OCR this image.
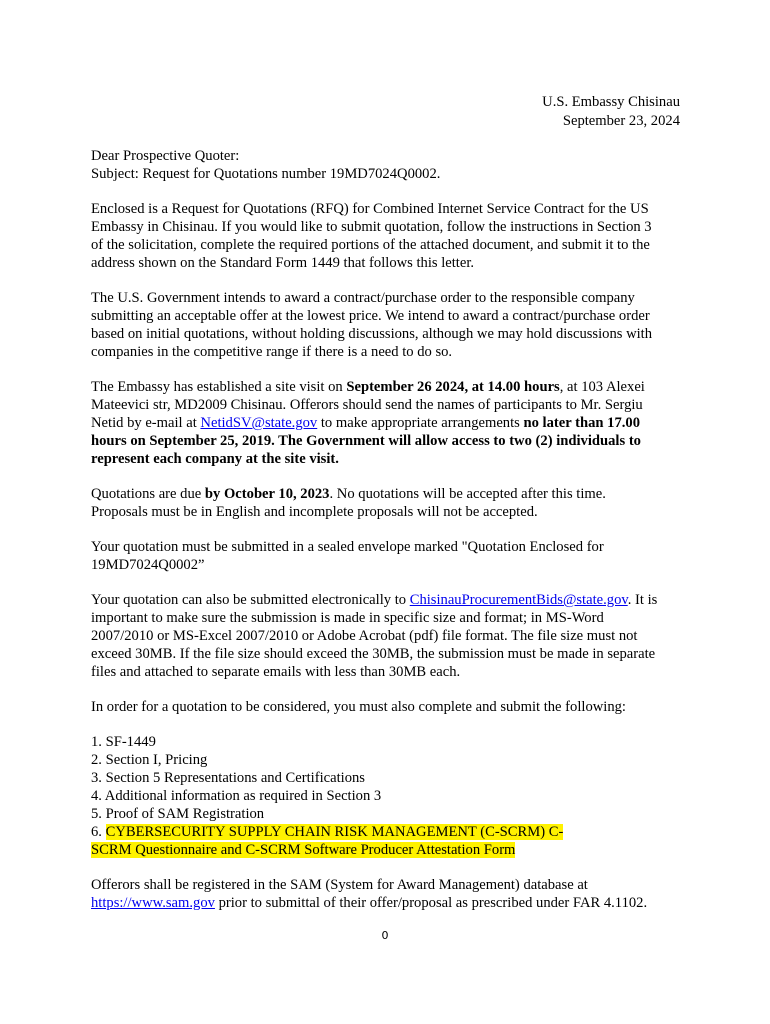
U.S. Embassy Chisinau
September 23, 2024

Dear Prospective Quoter:
Subject: Request for Quotations number 19MD7024Q0002.

Enclosed is a Request for Quotations (RFQ) for Combined Internet Service Contract for the US
Embassy in Chisinau. If you would like to submit quotation, follow the instructions in Section 3
of the solicitation, complete the required portions of the attached document, and submit it to the
address shown on the Standard Form 1449 that follows this letter.

The U.S. Government intends to award a contract/purchase order to the responsible company
submitting an acceptable offer at the lowest price. We intend to award a contract/purchase order
based on initial quotations, without holding discussions, although we may hold discussions with
companies in the competitive range if there is a need to do so.

The Embassy has established a site visit on September 26 2024, at 14.00 hours, at 103 Alexei
Mateevici str, MD2009 Chisinau. Offerors should send the names of participants to Mr. Sergiu
Netid by e-mail at NetidSV@state.gov to make appropriate arrangements no later than 17.00
hours on September 25, 2019. The Government will allow access to two (2) individuals to
represent each company at the site visit.

Quotations are due by October 10, 2023. No quotations will be accepted after this time.
Proposals must be in English and incomplete proposals will not be accepted.

Your quotation must be submitted in a sealed envelope marked "Quotation Enclosed for
19MD7024Q0002”

Your quotation can also be submitted electronically to ChisinauProcurementBids@state.gov. It is
important to make sure the submission is made in specific size and format; in MS-Word
2007/2010 or MS-Excel 2007/2010 or Adobe Acrobat (pdf) file format. The file size must not
exceed 30MB. If the file size should exceed the 30MB, the submission must be made in separate
files and attached to separate emails with less than 30MB each.

In order for a quotation to be considered, you must also complete and submit the following:

1. SF-1449
2. Section I, Pricing
3. Section 5 Representations and Certifications
4. Additional information as required in Section 3
5. Proof of SAM Registration
6. CYBERSECURITY SUPPLY CHAIN RISK MANAGEMENT (C-SCRM) C-
SCRM Questionnaire and C-SCRM Software Producer Attestation Form

Offerors shall be registered in the SAM (System for Award Management) database at
https://www.sam.gov prior to submittal of their offer/proposal as prescribed under FAR 4.1102.

0
